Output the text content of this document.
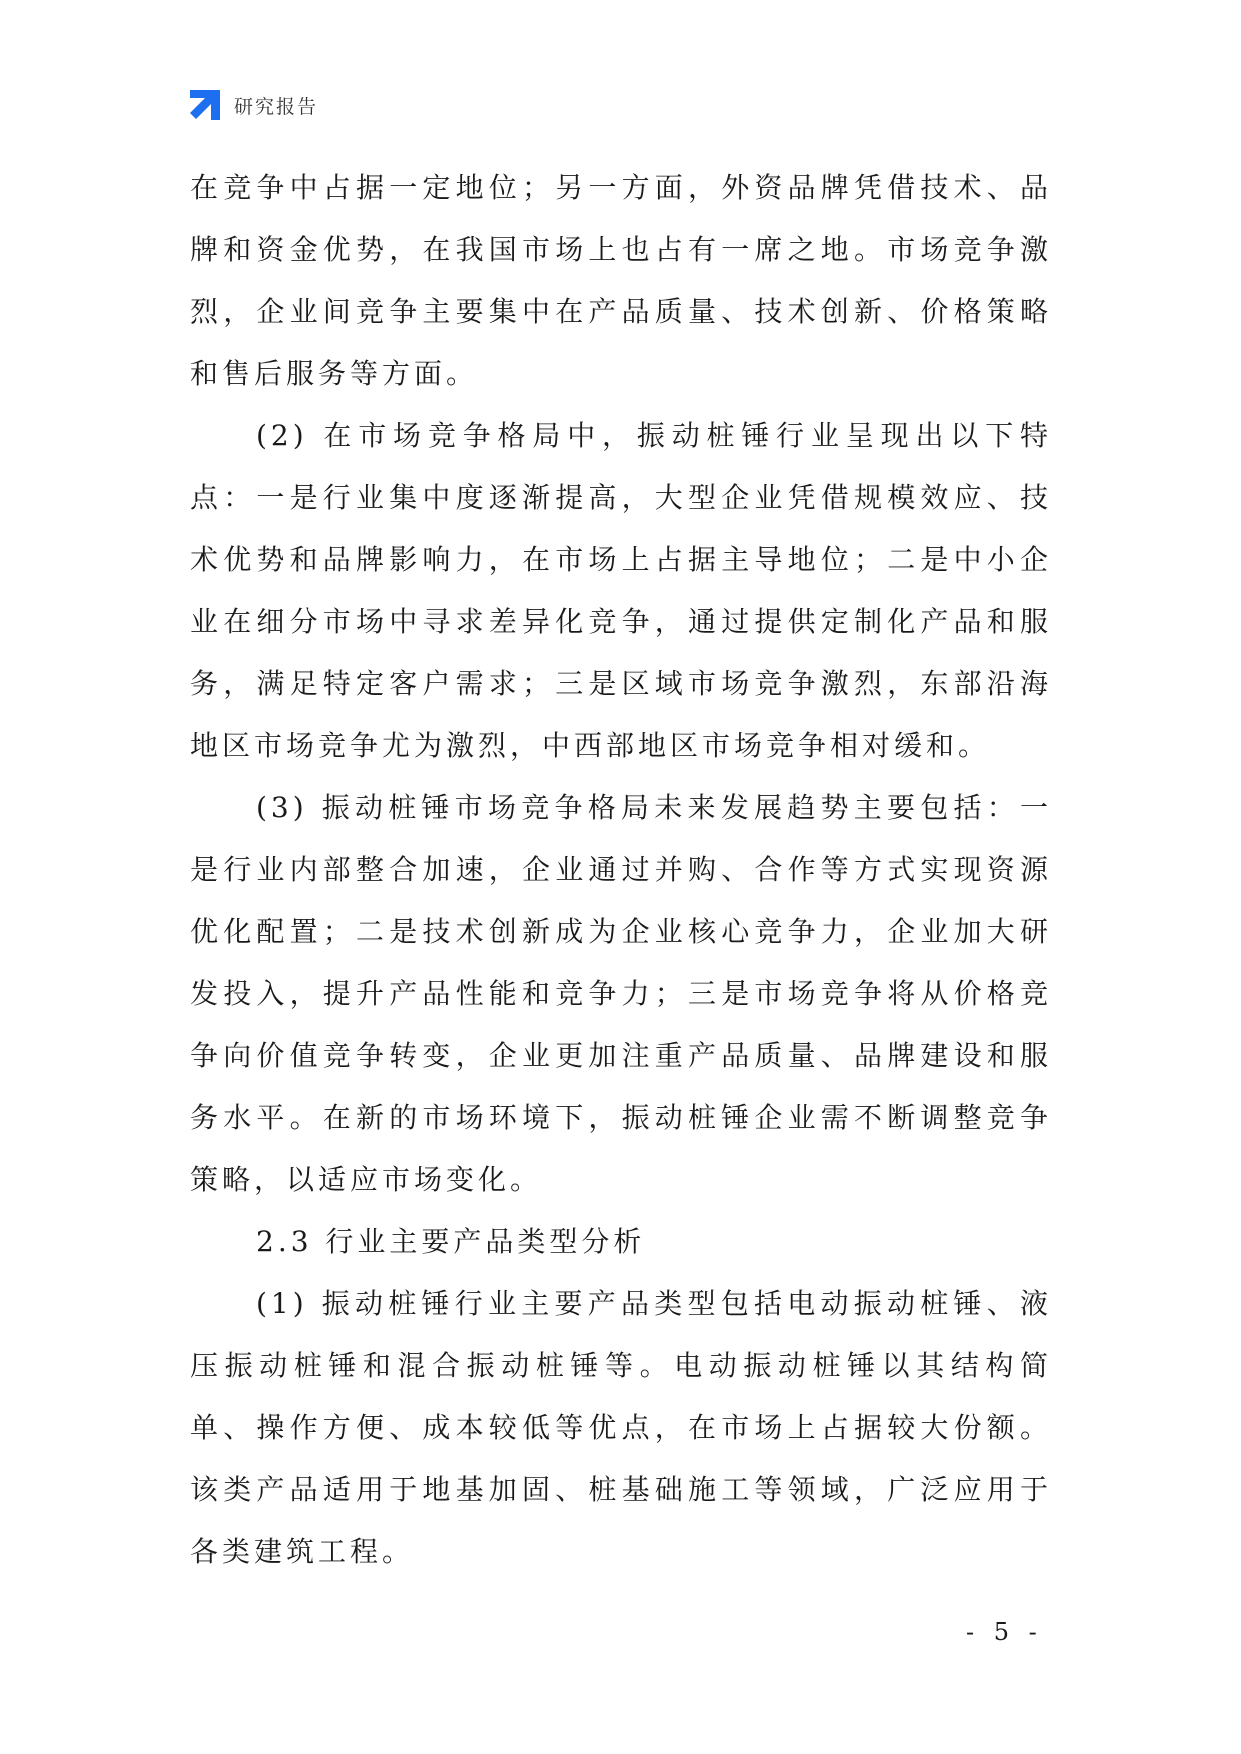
研究报告

在竞争中占据一定地位；另一方面，外资品牌凭借技术、品牌和资金优势，在我国市场上也占有一席之地。市场竞争激烈，企业间竞争主要集中在产品质量、技术创新、价格策略和售后服务等方面。

(2) 在市场竞争格局中，振动桩锤行业呈现出以下特点：一是行业集中度逐渐提高，大型企业凭借规模效应、技术优势和品牌影响力，在市场上占据主导地位；二是中小企业在细分市场中寻求差异化竞争，通过提供定制化产品和服务，满足特定客户需求；三是区域市场竞争激烈，东部沿海地区市场竞争尤为激烈，中西部地区市场竞争相对缓和。

(3) 振动桩锤市场竞争格局未来发展趋势主要包括：一是行业内部整合加速，企业通过并购、合作等方式实现资源优化配置；二是技术创新成为企业核心竞争力，企业加大研发投入，提升产品性能和竞争力；三是市场竞争将从价格竞争向价值竞争转变，企业更加注重产品质量、品牌建设和服务水平。在新的市场环境下，振动桩锤企业需不断调整竞争策略，以适应市场变化。

2.3 行业主要产品类型分析

(1) 振动桩锤行业主要产品类型包括电动振动桩锤、液压振动桩锤和混合振动桩锤等。电动振动桩锤以其结构简单、操作方便、成本较低等优点，在市场上占据较大份额。该类产品适用于地基加固、桩基础施工等领域，广泛应用于各类建筑工程。

- 5 -
